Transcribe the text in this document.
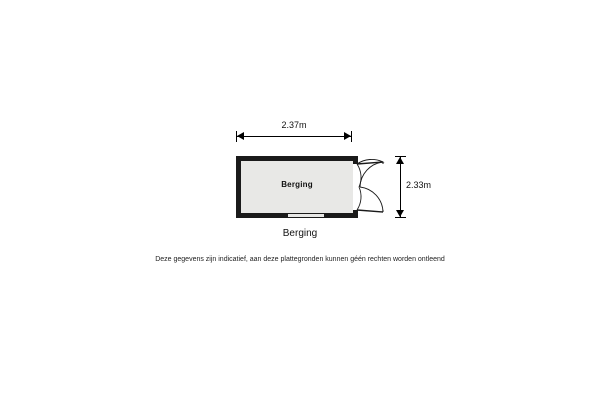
2.37m
2.33m
Berging
Berging
Deze gegevens zijn indicatief, aan deze plattegronden kunnen géén rechten worden ontleend
